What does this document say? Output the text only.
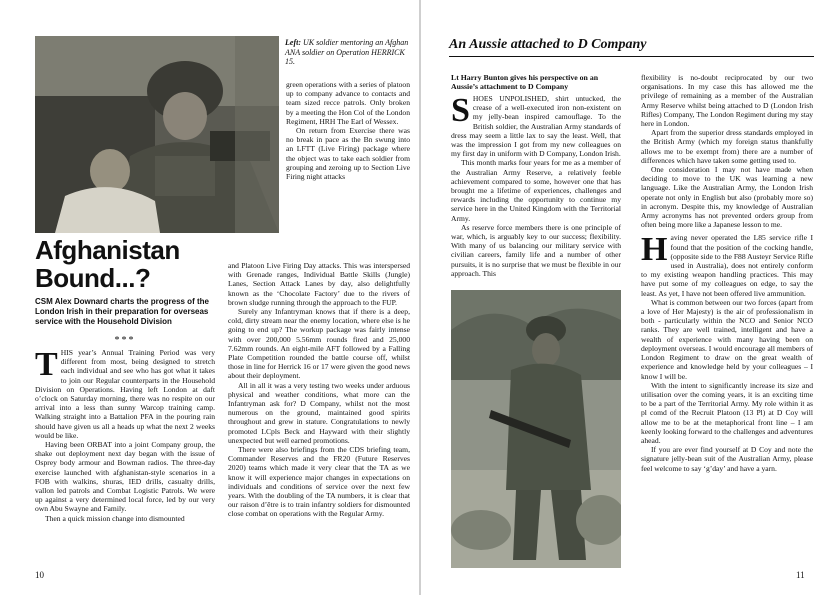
Left: UK soldier mentoring an Afghan ANA soldier on Operation HERRICK 15.
Afghanistan Bound...?
CSM Alex Downard charts the progress of the London Irish in their preparation for overseas service with the Household Division
***

THIS year’s Annual Training Period was very different from most, being designed to stretch each individual and see who has got what it takes to join our Regular counterparts in the Household Division on Operations. Having left London at daft o’clock on Saturday morning, there was no respite on our arrival into a less than sunny Warcop training camp. Walking straight into a Battalion PFA in the pouring rain should have given us all a heads up what the next 2 weeks would be like.

Having been ORBAT into a joint Company group, the shake out deployment next day began with the issue of Osprey body armour and Bowman radios. The three-day exercise launched with afghanistan-style scenarios in a FOB with walkins, shuras, IED drills, casualty drills, vallon led patrols and Combat Logistic Patrols. We were up against a very determined local force, led by our very own Abu Swayne and Family.

Then a quick mission change into dismounted

green operations with a series of platoon up to company advance to contacts and team sized recce patrols. Only broken by a meeting the Hon Col of the London Regiment, HRH The Earl of Wessex.

On return from Exercise there was no break in pace as the Bn swung into an LFTT (Live Firing) package where the object was to take each soldier from grouping and zeroing up to Section Live Firing night attacks

and Platoon Live Firing Day attacks. This was interspersed with Grenade ranges, Individual Battle Skills (Jungle) Lanes, Section Attack Lanes by day, also delightfully known as the ‘Chocolate Factory’ due to the rivers of brown sludge running through the approach to the FUP.

Surely any Infantryman knows that if there is a deep, cold, dirty stream near the enemy location, where else is he going to end up? The workup package was fairly intense with over 200,000 5.56mm rounds fired and 25,000 7.62mm rounds. An eight-mile AFT followed by a Falling Plate Competition rounded the battle course off, whilst those in line for Herrick 16 or 17 were given the good news about their deployment.

All in all it was a very testing two weeks under arduous physical and weather conditions, what more can the Infantryman ask for? D Company, whilst not the most numerous on the ground, maintained good spirits throughout and grew in stature. Congratulations to newly promoted LCpls Beck and Hayward with their slightly unexpected but well earned promotions.

There were also briefings from the CDS briefing team, Commander Reserves and the FR20 (Future Reserves 2020) teams which made it very clear that the TA as we know it will experience major changes in expectations on individuals and conditions of service over the next few years. With the doubling of the TA numbers, it is clear that our raison d’être is to train infantry soldiers for dismounted close combat on operations with the Regular Army.

10
An Aussie attached to D Company
Lt Harry Bunton gives his perspective on an Aussie’s attachment to D Company

SHOES UNPOLISHED, shirt untucked, the crease of a well-executed iron non-existent on my jelly-bean inspired camouflage. To the British soldier, the Australian Army standards of dress may seem a little lax to say the least. Well, that was the impression I got from my new colleagues on my first day in uniform with D Company, London Irish.

This month marks four years for me as a member of the Australian Army Reserve, a relatively feeble achievement compared to some, however one that has brought me a lifetime of experiences, challenges and rewards including the opportunity to continue my service here in the United Kingdom with the Territorial Army.

As reserve force members there is one principle of war, which, is arguably key to our success; flexibility. With many of us balancing our military service with civilian careers, family life and a number of other pursuits, it is no surprise that we must be flexible in our approach. This

flexibility is no-doubt reciprocated by our two organisations. In my case this has allowed me the privilege of remaining as a member of the Australian Army Reserve whilst being attached to D (London Irish Rifles) Company, The London Regiment during my stay here in London.

Apart from the superior dress standards employed in the British Army (which my foreign status thankfully allows me to be exempt from) there are a number of differences which have taken some getting used to.

One consideration I may not have made when deciding to move to the UK was learning a new language. Like the Australian Army, the London Irish operate not only in English but also (probably more so) in acronym. Despite this, my knowledge of Australian Army acronyms has not prevented orders group from often being more like a Japanese lesson to me.

Having never operated the L85 service rifle I found that the position of the cocking handle, (opposite side to the F88 Austeyr Service Rifle used in Australia), does not entirely conform to my existing weapon handling practices. This may have put some of my colleagues on edge, to say the least. As yet, I have not been offered live ammunition.

What is common between our two forces (apart from a love of Her Majesty) is the air of professionalism in both - particularly within the NCO and Senior NCO ranks. They are well trained, intelligent and have a wealth of experience with many having been on deployment overseas. I would encourage all members of London Regiment to draw on the great wealth of experience and knowledge held by your colleagues – I know I will be.

With the intent to significantly increase its size and utilisation over the coming years, it is an exciting time to be a part of the Territorial Army. My role within it as pl comd of the Recruit Platoon (13 Pl) at D Coy will allow me to be at the metaphorical front line – I am keenly looking forward to the challenges and adventures ahead.

If you are ever find yourself at D Coy and note the signature jelly-bean suit of the Australian Army, please feel welcome to say ‘g’day’ and have a yarn.

11
